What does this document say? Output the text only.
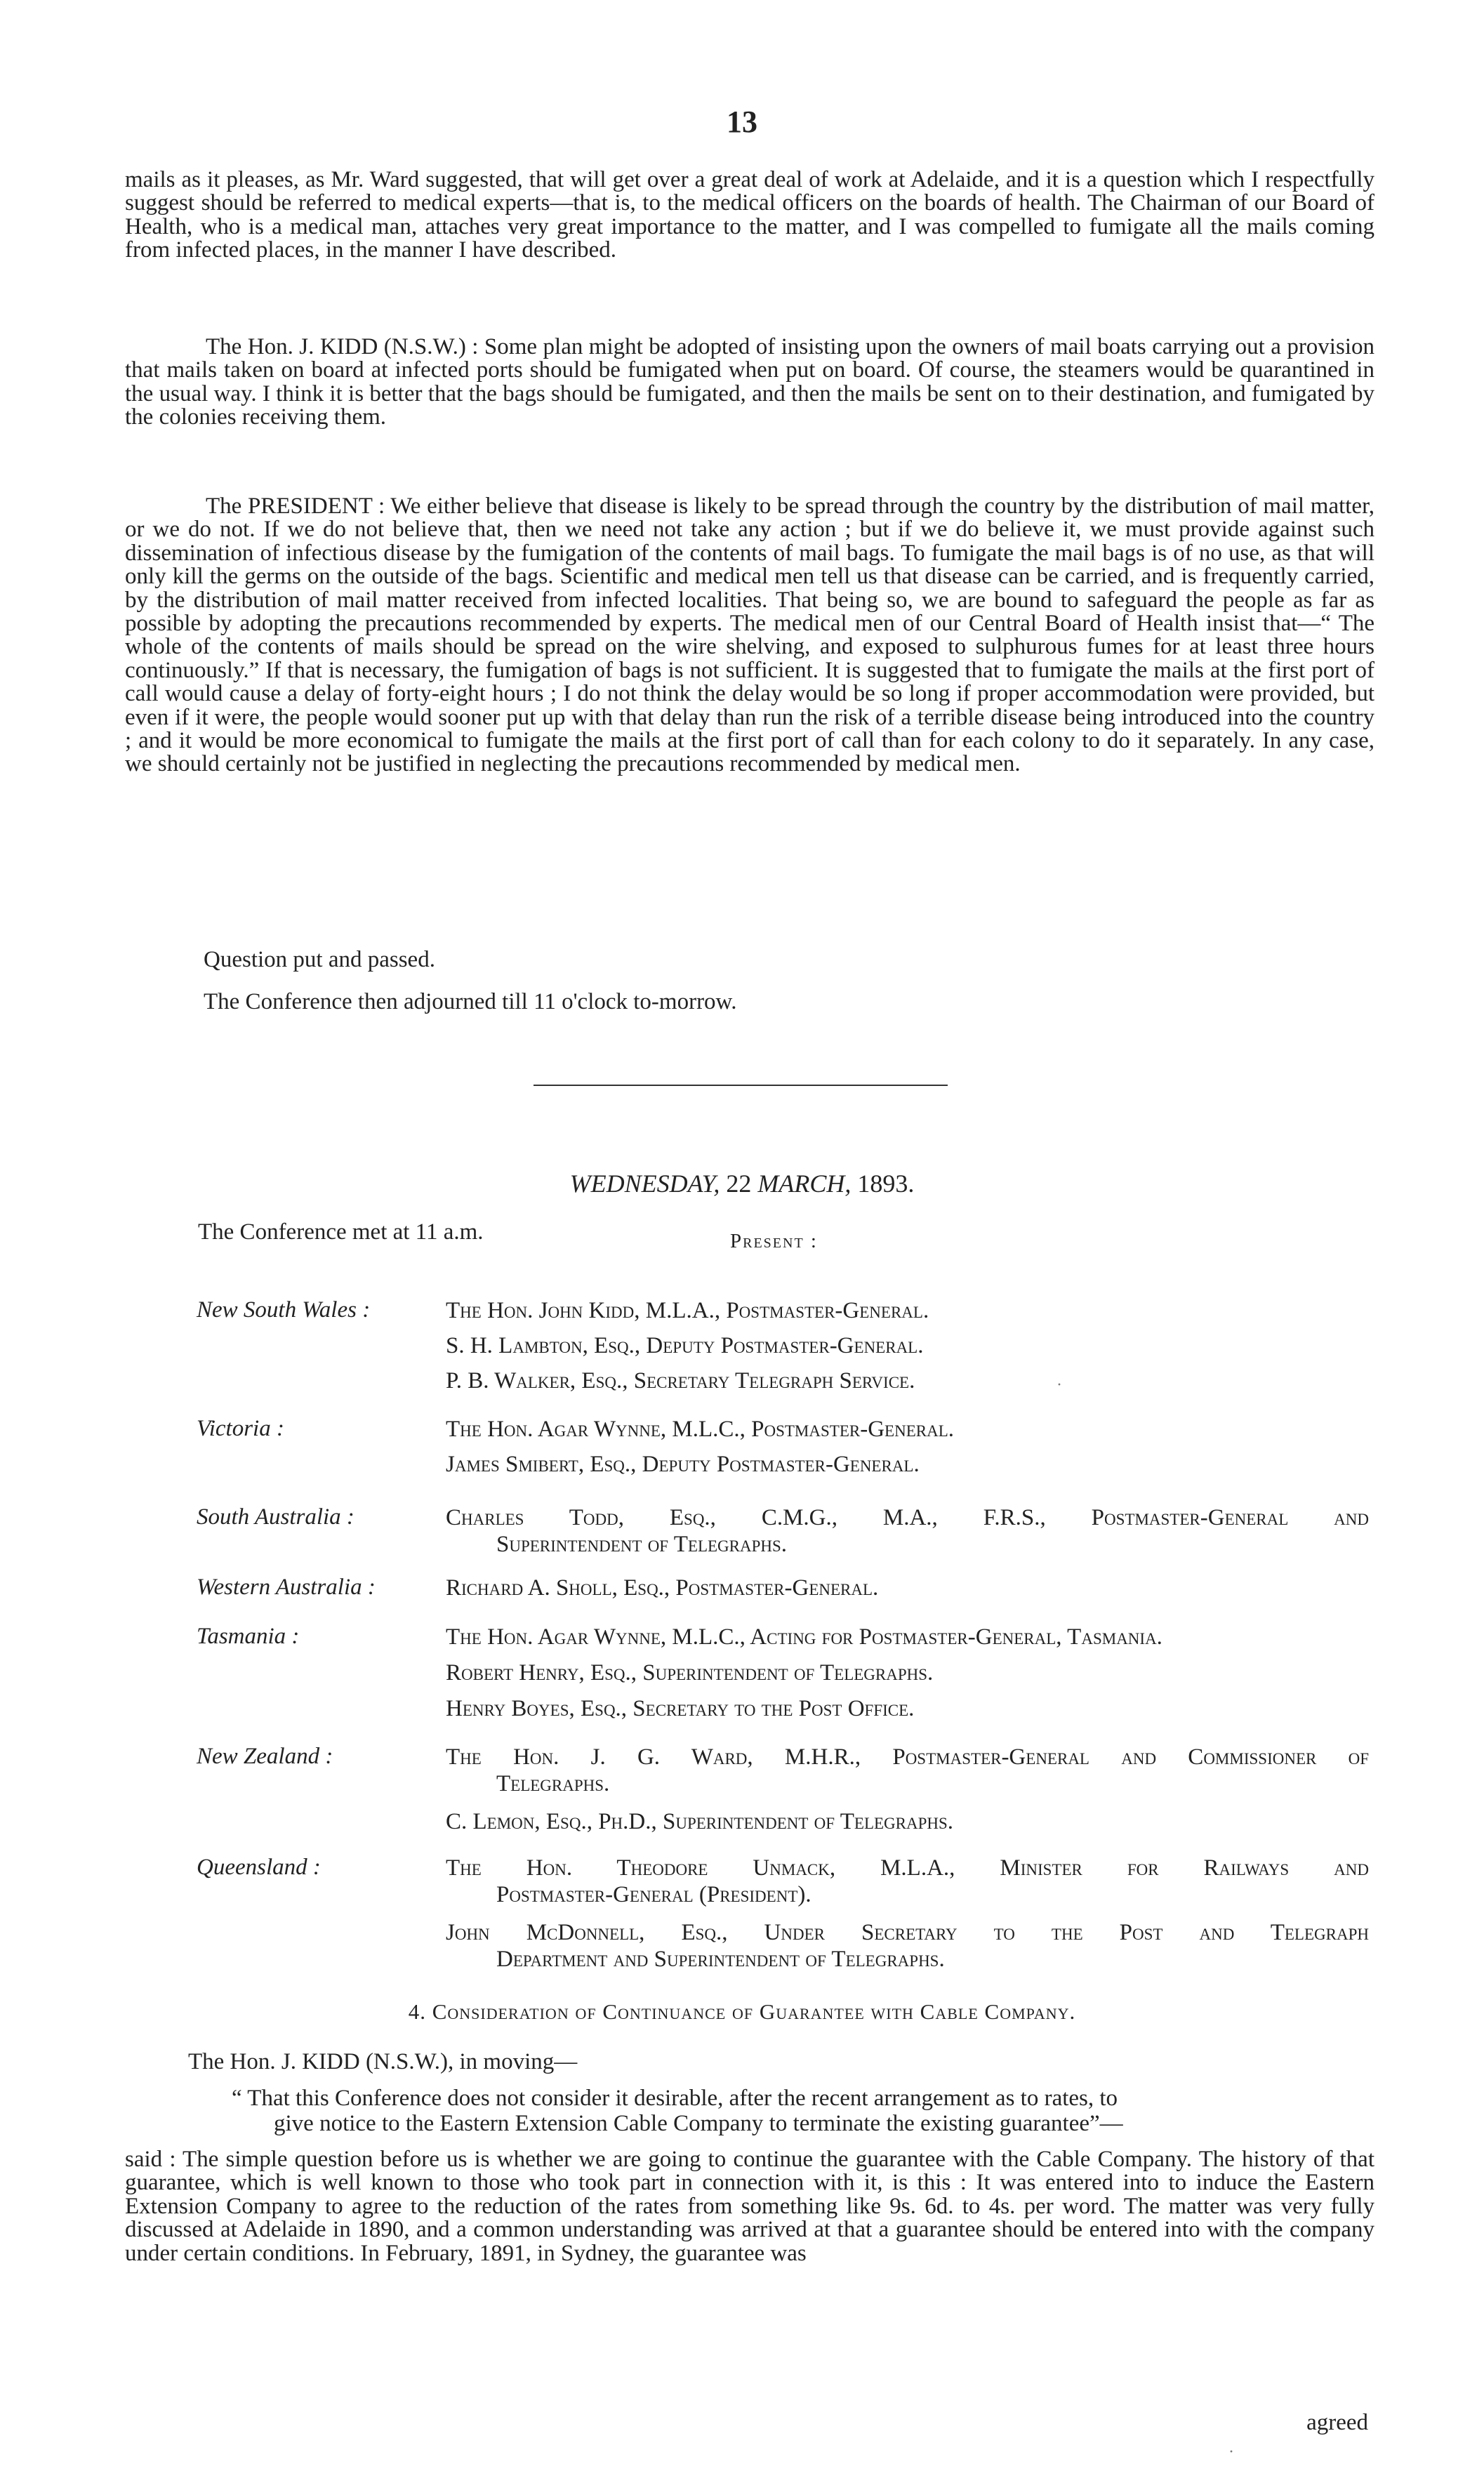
13

mails as it pleases, as Mr. Ward suggested, that will get over a great deal of work at Adelaide, and it is a question which I respectfully suggest should be referred to medical experts—that is, to the medical officers on the boards of health. The Chairman of our Board of Health, who is a medical man, attaches very great importance to the matter, and I was compelled to fumigate all the mails coming from infected places, in the manner I have described.

The Hon. J. KIDD (N.S.W.) : Some plan might be adopted of insisting upon the owners of mail boats carrying out a provision that mails taken on board at infected ports should be fumigated when put on board. Of course, the steamers would be quarantined in the usual way. I think it is better that the bags should be fumigated, and then the mails be sent on to their destination, and fumigated by the colonies receiving them.

The PRESIDENT : We either believe that disease is likely to be spread through the country by the distribution of mail matter, or we do not. If we do not believe that, then we need not take any action ; but if we do believe it, we must provide against such dissemination of infectious disease by the fumigation of the contents of mail bags. To fumigate the mail bags is of no use, as that will only kill the germs on the outside of the bags. Scientific and medical men tell us that disease can be carried, and is frequently carried, by the distribution of mail matter received from infected localities. That being so, we are bound to safeguard the people as far as possible by adopting the precautions recommended by experts. The medical men of our Central Board of Health insist that—“ The whole of the contents of mails should be spread on the wire shelving, and exposed to sulphurous fumes for at least three hours continuously.” If that is necessary, the fumigation of bags is not sufficient. It is suggested that to fumigate the mails at the first port of call would cause a delay of forty-eight hours ; I do not think the delay would be so long if proper accommodation were provided, but even if it were, the people would sooner put up with that delay than run the risk of a terrible disease being introduced into the country ; and it would be more economical to fumigate the mails at the first port of call than for each colony to do it separately. In any case, we should certainly not be justified in neglecting the precautions recommended by medical men.

Question put and passed.
The Conference then adjourned till 11 o'clock to-morrow.
WEDNESDAY, 22 MARCH, 1893.
The Conference met at 11 a.m.	Present :
New South Wales :	The Hon. John Kidd, M.L.A., Postmaster-General.
S. H. Lambton, Esq., Deputy Postmaster-General.
P. B. Walker, Esq., Secretary Telegraph Service.
Victoria :	The Hon. Agar Wynne, M.L.C., Postmaster-General.
James Smibert, Esq., Deputy Postmaster-General.
South Australia :	Charles Todd, Esq., C.M.G., M.A., F.R.S., Postmaster-General and
Superintendent of Telegraphs.
Western Australia :	Richard A. Sholl, Esq., Postmaster-General.
Tasmania :	The Hon. Agar Wynne, M.L.C., Acting for Postmaster-General, Tasmania.
Robert Henry, Esq., Superintendent of Telegraphs.
Henry Boyes, Esq., Secretary to the Post Office.
New Zealand :	The Hon. J. G. Ward, M.H.R., Postmaster-General and Commissioner of
Telegraphs.
C. Lemon, Esq., Ph.D., Superintendent of Telegraphs.
Queensland :	The Hon. Theodore Unmack, M.L.A., Minister for Railways and
Postmaster-General (President).
John McDonnell, Esq., Under Secretary to the Post and Telegraph
Department and Superintendent of Telegraphs.
4. Consideration of Continuance of Guarantee with Cable Company.
The Hon. J. KIDD (N.S.W.), in moving—
“ That this Conference does not consider it desirable, after the recent arrangement as to rates, to
give notice to the Eastern Extension Cable Company to terminate the existing guarantee”—

said : The simple question before us is whether we are going to continue the guarantee with the Cable Company. The history of that guarantee, which is well known to those who took part in connection with it, is this : It was entered into to induce the Eastern Extension Company to agree to the reduction of the rates from something like 9s. 6d. to 4s. per word. The matter was very fully discussed at Adelaide in 1890, and a common understanding was arrived at that a guarantee should be entered into with the company under certain conditions. In February, 1891, in Sydney, the guarantee was

agreed
·
·
